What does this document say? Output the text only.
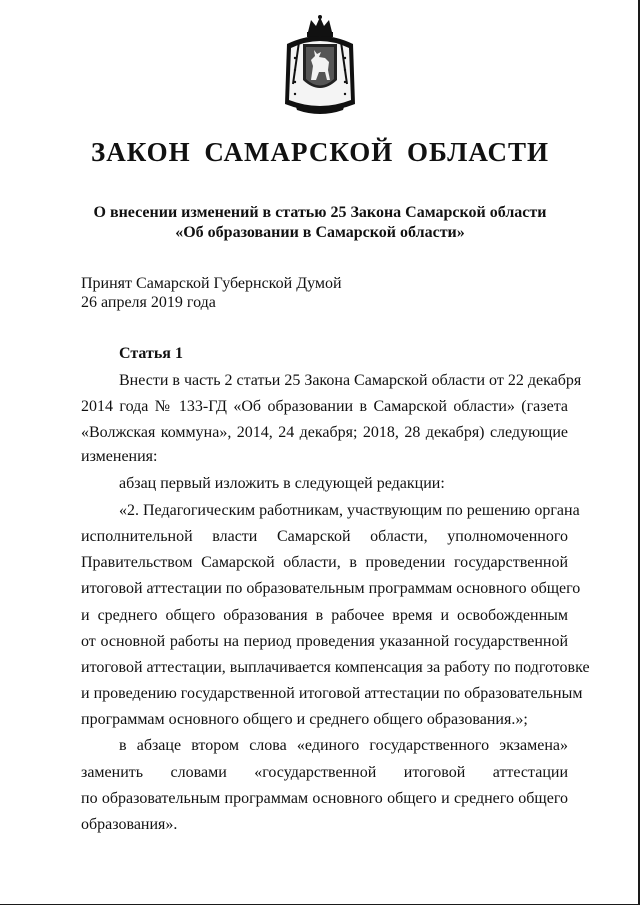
ЗАКОН САМАРСКОЙ ОБЛАСТИ
О внесении изменений в статью 25 Закона Самарской области
«Об образовании в Самарской области»
Принят Самарской Губернской Думой
26 апреля 2019 года
Статья 1
Внести в часть 2 статьи 25 Закона Самарской области от 22 декабря
2014 года № 133-ГД «Об образовании в Самарской области» (газета
«Волжская коммуна», 2014, 24 декабря; 2018, 28 декабря) следующие
изменения:
абзац первый изложить в следующей редакции:
«2. Педагогическим работникам, участвующим по решению органа
исполнительной власти Самарской области, уполномоченного
Правительством Самарской области, в проведении государственной
итоговой аттестации по образовательным программам основного общего
и среднего общего образования в рабочее время и освобожденным
от основной работы на период проведения указанной государственной
итоговой аттестации, выплачивается компенсация за работу по подготовке
и проведению государственной итоговой аттестации по образовательным
программам основного общего и среднего общего образования.»;
в абзаце втором слова «единого государственного экзамена»
заменить словами «государственной итоговой аттестации
по образовательным программам основного общего и среднего общего
образования».
